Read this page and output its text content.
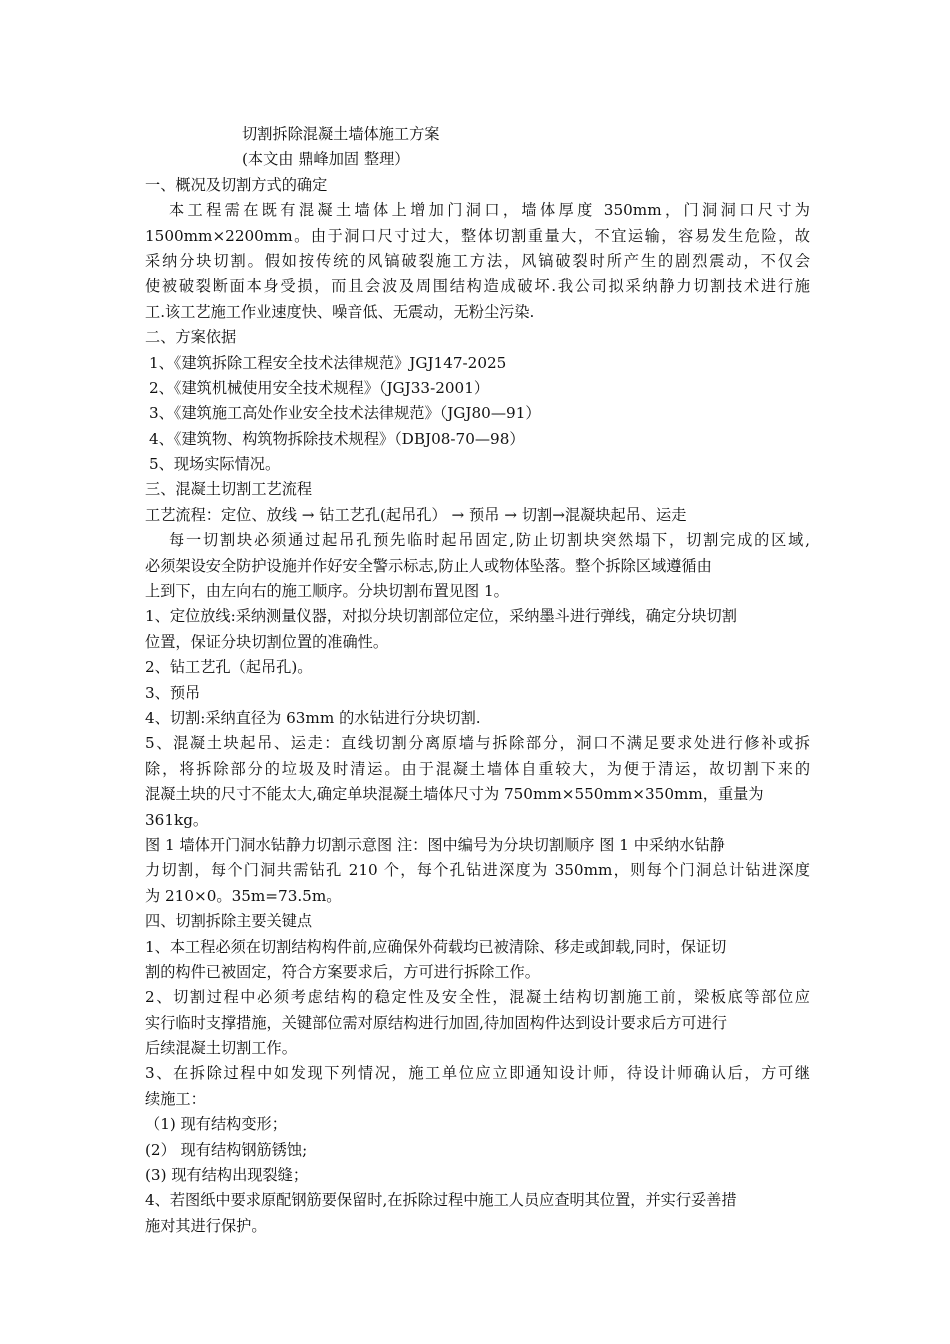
切割拆除混凝土墙体施工方案
(本文由 鼎峰加固 整理）
一、概况及切割方式的确定
本工程需在既有混凝土墙体上增加门洞口，墙体厚度 350mm，门洞洞口尺寸为
1500mm×2200mm。由于洞口尺寸过大，整体切割重量大，不宜运输，容易发生危险，故
采纳分块切割。假如按传统的风镐破裂施工方法，风镐破裂时所产生的剧烈震动，不仅会
使被破裂断面本身受损，而且会波及周围结构造成破坏.我公司拟采纳静力切割技术进行施
工.该工艺施工作业速度快、噪音低、无震动，无粉尘污染.
二、方案依据
1、《建筑拆除工程安全技术法律规范》JGJ147-2025
2、《建筑机械使用安全技术规程》（JGJ33-2001）
3、《建筑施工高处作业安全技术法律规范》（JGJ80—91）
4、《建筑物、构筑物拆除技术规程》（DBJ08-70—98）
5、现场实际情况。
三、混凝土切割工艺流程
工艺流程：定位、放线 → 钻工艺孔(起吊孔） → 预吊 → 切割→混凝块起吊、运走
每一切割块必须通过起吊孔预先临时起吊固定,防止切割块突然塌下，切割完成的区域,
必须架设安全防护设施并作好安全警示标志,防止人或物体坠落。整个拆除区域遵循由
上到下，由左向右的施工顺序。分块切割布置见图 1。
1、定位放线:采纳测量仪器，对拟分块切割部位定位，采纳墨斗进行弹线，确定分块切割
位置，保证分块切割位置的准确性。
2、钻工艺孔（起吊孔)。
3、预吊
4、切割:采纳直径为 63mm 的水钻进行分块切割.
5、混凝土块起吊、运走：直线切割分离原墙与拆除部分，洞口不满足要求处进行修补或拆
除，将拆除部分的垃圾及时清运。由于混凝土墙体自重较大，为便于清运，故切割下来的
混凝土块的尺寸不能太大,确定单块混凝土墙体尺寸为 750mm×550mm×350mm，重量为
361kg。
图 1 墙体开门洞水钻静力切割示意图 注：图中编号为分块切割顺序 图 1 中采纳水钻静
力切割，每个门洞共需钻孔 210 个，每个孔钻进深度为 350mm，则每个门洞总计钻进深度
为 210×0。35m=73.5m。
四、切割拆除主要关键点
1、本工程必须在切割结构构件前,应确保外荷载均已被清除、移走或卸载,同时，保证切
割的构件已被固定，符合方案要求后，方可进行拆除工作。
2、切割过程中必须考虑结构的稳定性及安全性，混凝土结构切割施工前，梁板底等部位应
实行临时支撑措施，关键部位需对原结构进行加固,待加固构件达到设计要求后方可进行
后续混凝土切割工作。
3、在拆除过程中如发现下列情况，施工单位应立即通知设计师，待设计师确认后，方可继
续施工：
（1) 现有结构变形；
(2） 现有结构钢筋锈蚀;
(3) 现有结构出现裂缝；
4、若图纸中要求原配钢筋要保留时,在拆除过程中施工人员应查明其位置，并实行妥善措
施对其进行保护。
